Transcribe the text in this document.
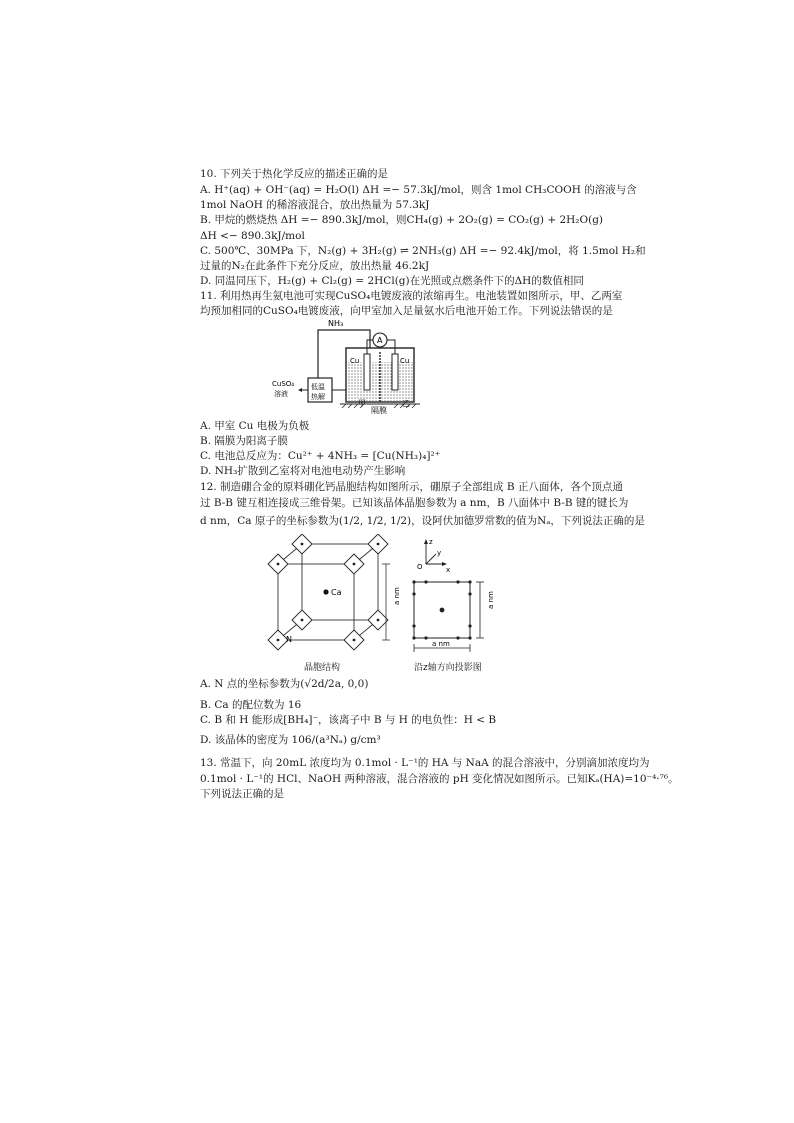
10. 下列关于热化学反应的描述正确的是
A. H⁺(aq) + OH⁻(aq) = H₂O(l) ΔH =− 57.3kJ/mol，则含 1mol CH₃COOH 的溶液与含
1mol NaOH 的稀溶液混合，放出热量为 57.3kJ
B. 甲烷的燃烧热 ΔH =− 890.3kJ/mol，则CH₄(g) + 2O₂(g) = CO₂(g) + 2H₂O(g)
ΔH <− 890.3kJ/mol
C. 500℃、30MPa 下，N₂(g) + 3H₂(g) ⇌ 2NH₃(g) ΔH =− 92.4kJ/mol，将 1.5mol H₂和
过量的N₂在此条件下充分反应，放出热量 46.2kJ
D. 同温同压下，H₂(g) + Cl₂(g) = 2HCl(g)在光照或点燃条件下的ΔH的数值相同
11. 利用热再生氨电池可实现CuSO₄电镀废液的浓缩再生。电池装置如图所示，甲、乙两室
均预加相同的CuSO₄电镀废液，向甲室加入足量氨水后电池开始工作。下列说法错误的是
NH₃
低温
热解
CuSO₄
溶液
Cu	Cu
A
甲	乙
隔膜
A. 甲室 Cu 电极为负极
B. 隔膜为阳离子膜
C. 电池总反应为：Cu²⁺ + 4NH₃ = [Cu(NH₃)₄]²⁺
D. NH₃扩散到乙室将对电池电动势产生影响
12. 制造硼合金的原料硼化钙晶胞结构如图所示，硼原子全部组成 B 正八面体，各个顶点通
过 B-B 键互相连接成三维骨架。已知该晶体晶胞参数为 a nm，B 八面体中 B-B 键的键长为
d nm，Ca 原子的坐标参数为(1/2, 1/2, 1/2)，设阿伏加德罗常数的值为Nₐ，下列说法正确的是
Ca
N
a nm
z
y
x
O
a nm
a nm
晶胞结构	沿z轴方向投影图
A. N 点的坐标参数为(√2d/2a, 0,0)
B. Ca 的配位数为 16
C. B 和 H 能形成[BH₄]⁻，该离子中 B 与 H 的电负性：H < B
D. 该晶体的密度为 106/(a³Nₐ) g/cm³
13. 常温下，向 20mL 浓度均为 0.1mol · L⁻¹的 HA 与 NaA 的混合溶液中，分别滴加浓度均为
0.1mol · L⁻¹的 HCl、NaOH 两种溶液，混合溶液的 pH 变化情况如图所示。已知Kₐ(HA)=10⁻⁴·⁷⁶。
下列说法正确的是
